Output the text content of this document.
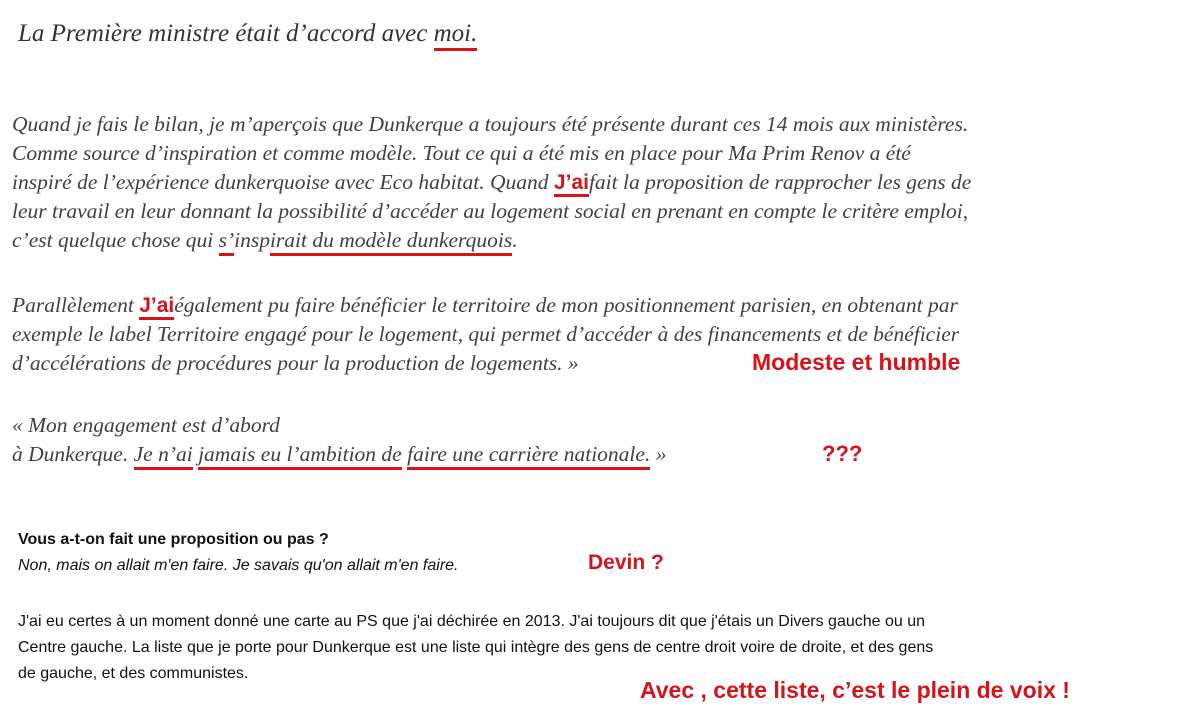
La Première ministre était d’accord avec moi.
Quand je fais le bilan, je m’aperçois que Dunkerque a toujours été présente durant ces 14 mois aux ministères.
Comme source d’inspiration et comme modèle. Tout ce qui a été mis en place pour Ma Prim Renov a été
inspiré de l’expérience dunkerquoise avec Eco habitat. Quand J’aifait la proposition de rapprocher les gens de
leur travail en leur donnant la possibilité d’accéder au logement social en prenant en compte le critère emploi,
c’est quelque chose qui s’inspirait du modèle dunkerquois.
Parallèlement J’aiégalement pu faire bénéficier le territoire de mon positionnement parisien, en obtenant par
exemple le label Territoire engagé pour le logement, qui permet d’accéder à des financements et de bénéficier
d’accélérations de procédures pour la production de logements. »	Modeste et humble
« Mon engagement est d’abord
à Dunkerque. Je n’ai jamais eu l’ambition de faire une carrière nationale. »	???
Vous a-t-on fait une proposition ou pas ?
Non, mais on allait m'en faire. Je savais qu'on allait m'en faire.	Devin ?
J'ai eu certes à un moment donné une carte au PS que j'ai déchirée en 2013. J'ai toujours dit que j'étais un Divers gauche ou un
Centre gauche. La liste que je porte pour Dunkerque est une liste qui intègre des gens de centre droit voire de droite, et des gens
de gauche, et des communistes.
Avec , cette liste, c’est le plein de voix !
